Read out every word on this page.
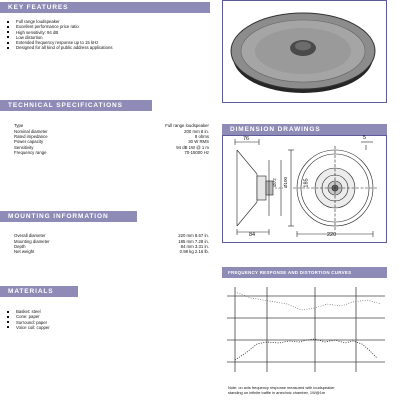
KEY FEATURES
Full range loudspeaker
Excellent performance price ratio
High sensitivity: 94 dB
Low distortion
Extended frequency response up to 15 kHz
Designed for all kind of public address applications
TECHNICAL SPECIFICATIONS
Type	Full range loudspeaker
Nominal diameter	200 mm 8 in.
Rated impedance	8 ohms
Power capacity	30 W RMS
Sensitivity	94 dB 1W @ 1 m
Frequency range	70-15000 Hz
DIMENSION DRAWINGS
76	5
84	220
185
Ø72 Ø100
MOUNTING INFORMATION
Overall diameter	220 mm 8.67 in.
Mounting diameter	185 mm 7.28 in.
Depth	84 mm 3.31 in.
Net weight	0.98 kg 2.16 lb.
MATERIALS
Basket: steel
Cone: paper
Surround: paper
Voice coil: copper
FREQUENCY RESPONSE AND DISTORTION CURVES
Note: on axis frequency response measured with loudspeaker
standing on infinite baffle in anechoic chamber, 1W@1m
